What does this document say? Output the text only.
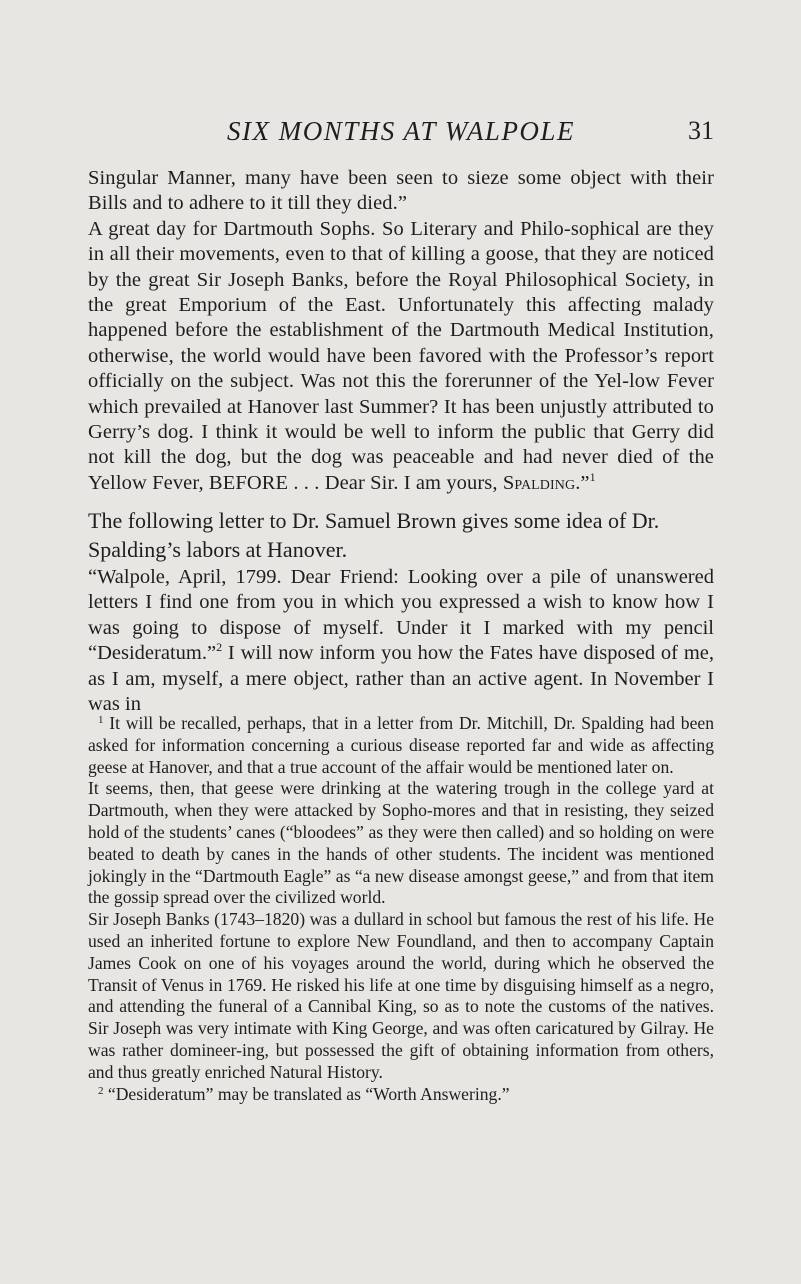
SIX MONTHS AT WALPOLE	31

Singular Manner, many have been seen to sieze some object with their Bills and to adhere to it till they died.”

A great day for Dartmouth Sophs. So Literary and Philo-sophical are they in all their movements, even to that of killing a goose, that they are noticed by the great Sir Joseph Banks, before the Royal Philosophical Society, in the great Emporium of the East. Unfortunately this affecting malady happened before the establishment of the Dartmouth Medical Institution, otherwise, the world would have been favored with the Professor’s report officially on the subject. Was not this the forerunner of the Yel-low Fever which prevailed at Hanover last Summer? It has been unjustly attributed to Gerry’s dog. I think it would be well to inform the public that Gerry did not kill the dog, but the dog was peaceable and had never died of the Yellow Fever, BEFORE . . . Dear Sir. I am yours, Spalding.”$^1$

The following letter to Dr. Samuel Brown gives some idea of Dr. Spalding’s labors at Hanover.

“Walpole, April, 1799. Dear Friend: Looking over a pile of unanswered letters I find one from you in which you expressed a wish to know how I was going to dispose of myself. Under it I marked with my pencil “Desideratum.”$^2$ I will now inform you how the Fates have disposed of me, as I am, myself, a mere object, rather than an active agent. In November I was in

$^1$ It will be recalled, perhaps, that in a letter from Dr. Mitchill, Dr. Spalding had been asked for information concerning a curious disease reported far and wide as affecting geese at Hanover, and that a true account of the affair would be mentioned later on.

It seems, then, that geese were drinking at the watering trough in the college yard at Dartmouth, when they were attacked by Sopho-mores and that in resisting, they seized hold of the students’ canes (“bloodees” as they were then called) and so holding on were beated to death by canes in the hands of other students. The incident was mentioned jokingly in the “Dartmouth Eagle” as “a new disease amongst geese,” and from that item the gossip spread over the civilized world.

Sir Joseph Banks (1743–1820) was a dullard in school but famous the rest of his life. He used an inherited fortune to explore New Foundland, and then to accompany Captain James Cook on one of his voyages around the world, during which he observed the Transit of Venus in 1769. He risked his life at one time by disguising himself as a negro, and attending the funeral of a Cannibal King, so as to note the customs of the natives. Sir Joseph was very intimate with King George, and was often caricatured by Gilray. He was rather domineer-ing, but possessed the gift of obtaining information from others, and thus greatly enriched Natural History.

$^2$ “Desideratum” may be translated as “Worth Answering.”
